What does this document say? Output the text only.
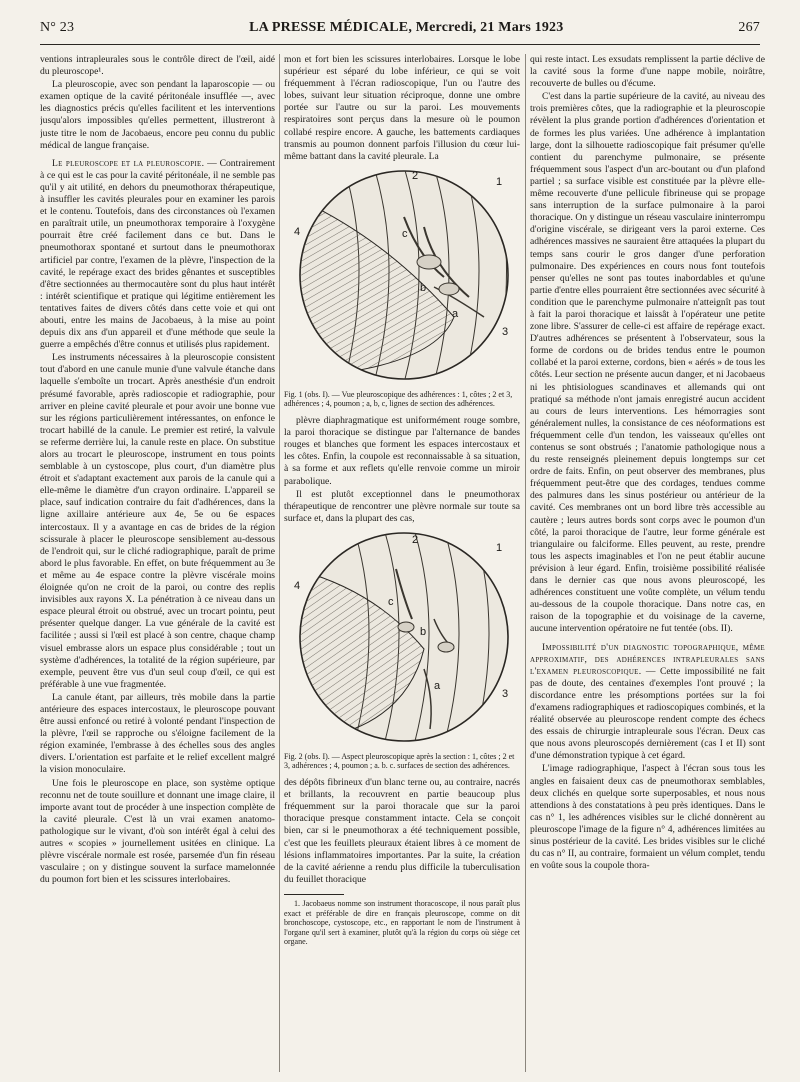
N° 23	LA PRESSE MÉDICALE, Mercredi, 21 Mars 1923	267

ventions intrapleurales sous le contrôle direct de l'œil, aidé du pleuroscope¹.

La pleuroscopie, avec son pendant la laparoscopie — ou examen optique de la cavité péritonéale insufflée —, avec les diagnostics précis qu'elles facilitent et les interventions jusqu'alors impossibles qu'elles permettent, illustreront à juste titre le nom de Jacobaeus, encore peu connu du public médical de langue française.

Le pleuroscope et la pleuroscopie. — Contrairement à ce qui est le cas pour la cavité péritonéale, il ne semble pas qu'il y ait utilité, en dehors du pneumothorax thérapeutique, à insuffler les cavités pleurales pour en examiner les parois et le contenu. Toutefois, dans des circonstances où l'examen en paraîtrait utile, un pneumothorax temporaire à l'oxygène pourrait être créé facilement dans ce but. Dans le pneumothorax spontané et surtout dans le pneumothorax artificiel par contre, l'examen de la plèvre, l'inspection de la cavité, le repérage exact des brides gênantes et susceptibles d'être sectionnées au thermocautère sont du plus haut intérêt : intérêt scientifique et pratique qui légitime entièrement les tentatives faites de divers côtés dans cette voie et qui ont abouti, entre les mains de Jacobaeus, à la mise au point depuis dix ans d'un appareil et d'une méthode que seule la guerre a empêchés d'être connus et utilisés plus rapidement.

Les instruments nécessaires à la pleuroscopie consistent tout d'abord en une canule munie d'une valvule étanche dans laquelle s'emboîte un trocart. Après anesthésie d'un endroit présumé favorable, après radioscopie et radiographie, pour arriver en pleine cavité pleurale et pour avoir une bonne vue sur les régions particulièrement intéressantes, on enfonce le trocart habillé de la canule. Le premier est retiré, la valvule se referme derrière lui, la canule reste en place. On substitue alors au trocart le pleuroscope, instrument en tous points semblable à un cystoscope, plus court, d'un diamètre plus étroit et s'adaptant exactement aux parois de la canule qui a elle-même le diamètre d'un crayon ordinaire. L'appareil se place, sauf indication contraire du fait d'adhérences, dans la ligne axillaire antérieure aux 4e, 5e ou 6e espaces intercostaux. Il y a avantage en cas de brides de la région scissurale à placer le pleuroscope sensiblement au-dessous de l'endroit qui, sur le cliché radiographique, paraît de prime abord le plus favorable. En effet, on bute fréquemment au 3e et même au 4e espace contre la plèvre viscérale moins éloignée qu'on ne croit de la paroi, ou contre des replis invisibles aux rayons X. La pénétration à ce niveau dans un espace pleural étroit ou obstrué, avec un trocart pointu, peut présenter quelque danger. La vue générale de la cavité est facilitée ; aussi si l'œil est placé à son centre, chaque champ visuel embrasse alors un espace plus considérable ; tout un système d'adhérences, la totalité de la région supérieure, par exemple, peuvent être vus d'un seul coup d'œil, ce qui est préférable à une vue fragmentée.

La canule étant, par ailleurs, très mobile dans la partie antérieure des espaces intercostaux, le pleuroscope pouvant être aussi enfoncé ou retiré à volonté pendant l'inspection de la plèvre, l'œil se rapproche ou s'éloigne facilement de la région examinée, l'embrasse à des échelles sous des angles divers. L'orientation est parfaite et le relief excellent malgré la vision monoculaire.

Une fois le pleuroscope en place, son système optique reconnu net de toute souillure et donnant une image claire, il importe avant tout de procéder à une inspection complète de la cavité pleurale. C'est là un vrai examen anatomo-pathologique sur le vivant, d'où son intérêt égal à celui des autres « scopies » journellement usitées en clinique. La plèvre viscérale normale est rosée, parsemée d'un fin réseau vasculaire ; on y distingue souvent la surface mamelonnée du poumon fort bien et les scissures interlobaires.

mon et fort bien les scissures interlobaires. Lorsque le lobe supérieur est séparé du lobe inférieur, ce qui se voit fréquemment à l'écran radioscopique, l'un ou l'autre des lobes, suivant leur situation réciproque, donne une ombre portée sur l'autre ou sur la paroi. Les mouvements respiratoires sont perçus dans la mesure où le poumon collabé respire encore. A gauche, les battements cardiaques transmis au poumon donnent parfois l'illusion du cœur lui-même battant dans la cavité pleurale. La

1
2
3
4
a
b
c
Fig. 1 (obs. I). — Vue pleuroscopique des adhérences : 1, côtes ; 2 et 3, adhérences ; 4, poumon ; a, b, c, lignes de section des adhérences.

plèvre diaphragmatique est uniformément rouge sombre, la paroi thoracique se distingue par l'alternance de bandes rouges et blanches que forment les espaces intercostaux et les côtes. Enfin, la coupole est reconnaissable à sa situation, à sa forme et aux reflets qu'elle renvoie comme un miroir parabolique.

Il est plutôt exceptionnel dans le pneumothorax thérapeutique de rencontrer une plèvre normale sur toute sa surface et, dans la plupart des cas,

1
2
3
4
a
b
c
Fig. 2 (obs. I). — Aspect pleuroscopique après la section : 1, côtes ; 2 et 3, adhérences ; 4, poumon ; a. b. c. surfaces de section des adhérences.

des dépôts fibrineux d'un blanc terne ou, au contraire, nacrés et brillants, la recouvrent en partie beaucoup plus fréquemment sur la paroi thoracale que sur la paroi thoracique presque constamment intacte. Cela se conçoit bien, car si le pneumothorax a été techniquement possible, c'est que les feuillets pleuraux étaient libres à ce moment de lésions inflammatoires importantes. Par la suite, la création de la cavité aérienne a rendu plus difficile la tuberculisation du feuillet thoracique

1. Jacobaeus nomme son instrument thoracoscope, il nous paraît plus exact et préférable de dire en français pleuroscope, comme on dit bronchoscope, cystoscope, etc., en rapportant le nom de l'instrument à l'organe qu'il sert à examiner, plutôt qu'à la région du corps où siège cet organe.

qui reste intact. Les exsudats remplissent la partie déclive de la cavité sous la forme d'une nappe mobile, noirâtre, recouverte de bulles ou d'écume.

C'est dans la partie supérieure de la cavité, au niveau des trois premières côtes, que la radiographie et la pleuroscopie révèlent la plus grande portion d'adhérences d'orientation et de formes les plus variées. Une adhérence à implantation large, dont la silhouette radioscopique fait présumer qu'elle contient du parenchyme pulmonaire, se présente fréquemment sous l'aspect d'un arc-boutant ou d'un plafond partiel ; sa surface visible est constituée par la plèvre elle-même recouverte d'une pellicule fibrineuse qui se propage sans interruption de la surface pulmonaire à la paroi thoracique. On y distingue un réseau vasculaire ininterrompu d'origine viscérale, se dirigeant vers la paroi externe. Ces adhérences massives ne sauraient être attaquées la plupart du temps sans courir le gros danger d'une perforation pulmonaire. Des expériences en cours nous font toutefois penser qu'elles ne sont pas toutes inabordables et qu'une partie d'entre elles pourraient être sectionnées avec sécurité à condition que le parenchyme pulmonaire n'atteignît pas tout à fait la paroi thoracique et laissât à l'opérateur une petite zone libre. S'assurer de celle-ci est affaire de repérage exact. D'autres adhérences se présentent à l'observateur, sous la forme de cordons ou de brides tendus entre le poumon collabé et la paroi externe, cordons, bien « aérés » de tous les côtés. Leur section ne présente aucun danger, et ni Jacobaeus ni les phtisiologues scandinaves et allemands qui ont pratiqué sa méthode n'ont jamais enregistré aucun accident au cours de leurs interventions. Les hémorragies sont généralement nulles, la consistance de ces néoformations est fréquemment celle d'un tendon, les vaisseaux qu'elles ont contenus se sont obstrués ; l'anatomie pathologique nous a du reste renseignés pleinement depuis longtemps sur cet ordre de faits. Enfin, on peut observer des membranes, plus fréquemment peut-être que des cordages, tendues comme des palmures dans les sinus postérieur ou antérieur de la cavité. Ces membranes ont un bord libre très accessible au cautère ; leurs autres bords sont corps avec le poumon d'un côté, la paroi thoracique de l'autre, leur forme générale est triangulaire ou falciforme. Elles peuvent, au reste, prendre tous les aspects imaginables et l'on ne peut établir aucune prévision à leur égard. Enfin, troisième possibilité réalisée dans le dernier cas que nous avons pleuroscopé, les adhérences constituent une voûte complète, un vélum tendu au-dessous de la coupole thoracique. Dans notre cas, en raison de la topographie et du voisinage de la caverne, aucune intervention opératoire ne fut tentée (obs. II).

Impossibilité d'un diagnostic topographique, même approximatif, des adhérences intrapleurales sans l'examen pleuroscopique. — Cette impossibilité ne fait pas de doute, des centaines d'exemples l'ont prouvé ; la discordance entre les présomptions portées sur la foi d'examens radiographiques et radioscopiques combinés, et la réalité observée au pleuroscope rendent compte des échecs des essais de chirurgie intrapleurale sous l'écran. Deux cas que nous avons pleuroscopés dernièrement (cas I et II) sont d'une démonstration typique à cet égard.

L'image radiographique, l'aspect à l'écran sous tous les angles en faisaient deux cas de pneumothorax semblables, deux clichés en quelque sorte superposables, et nous nous attendions à des constatations à peu près identiques. Dans le cas n° 1, les adhérences visibles sur le cliché donnèrent au pleuroscope l'image de la figure n° 4, adhérences limitées au sinus postérieur de la cavité. Les brides visibles sur le cliché du cas n° II, au contraire, formaient un vélum complet, tendu en voûte sous la coupole thora-
